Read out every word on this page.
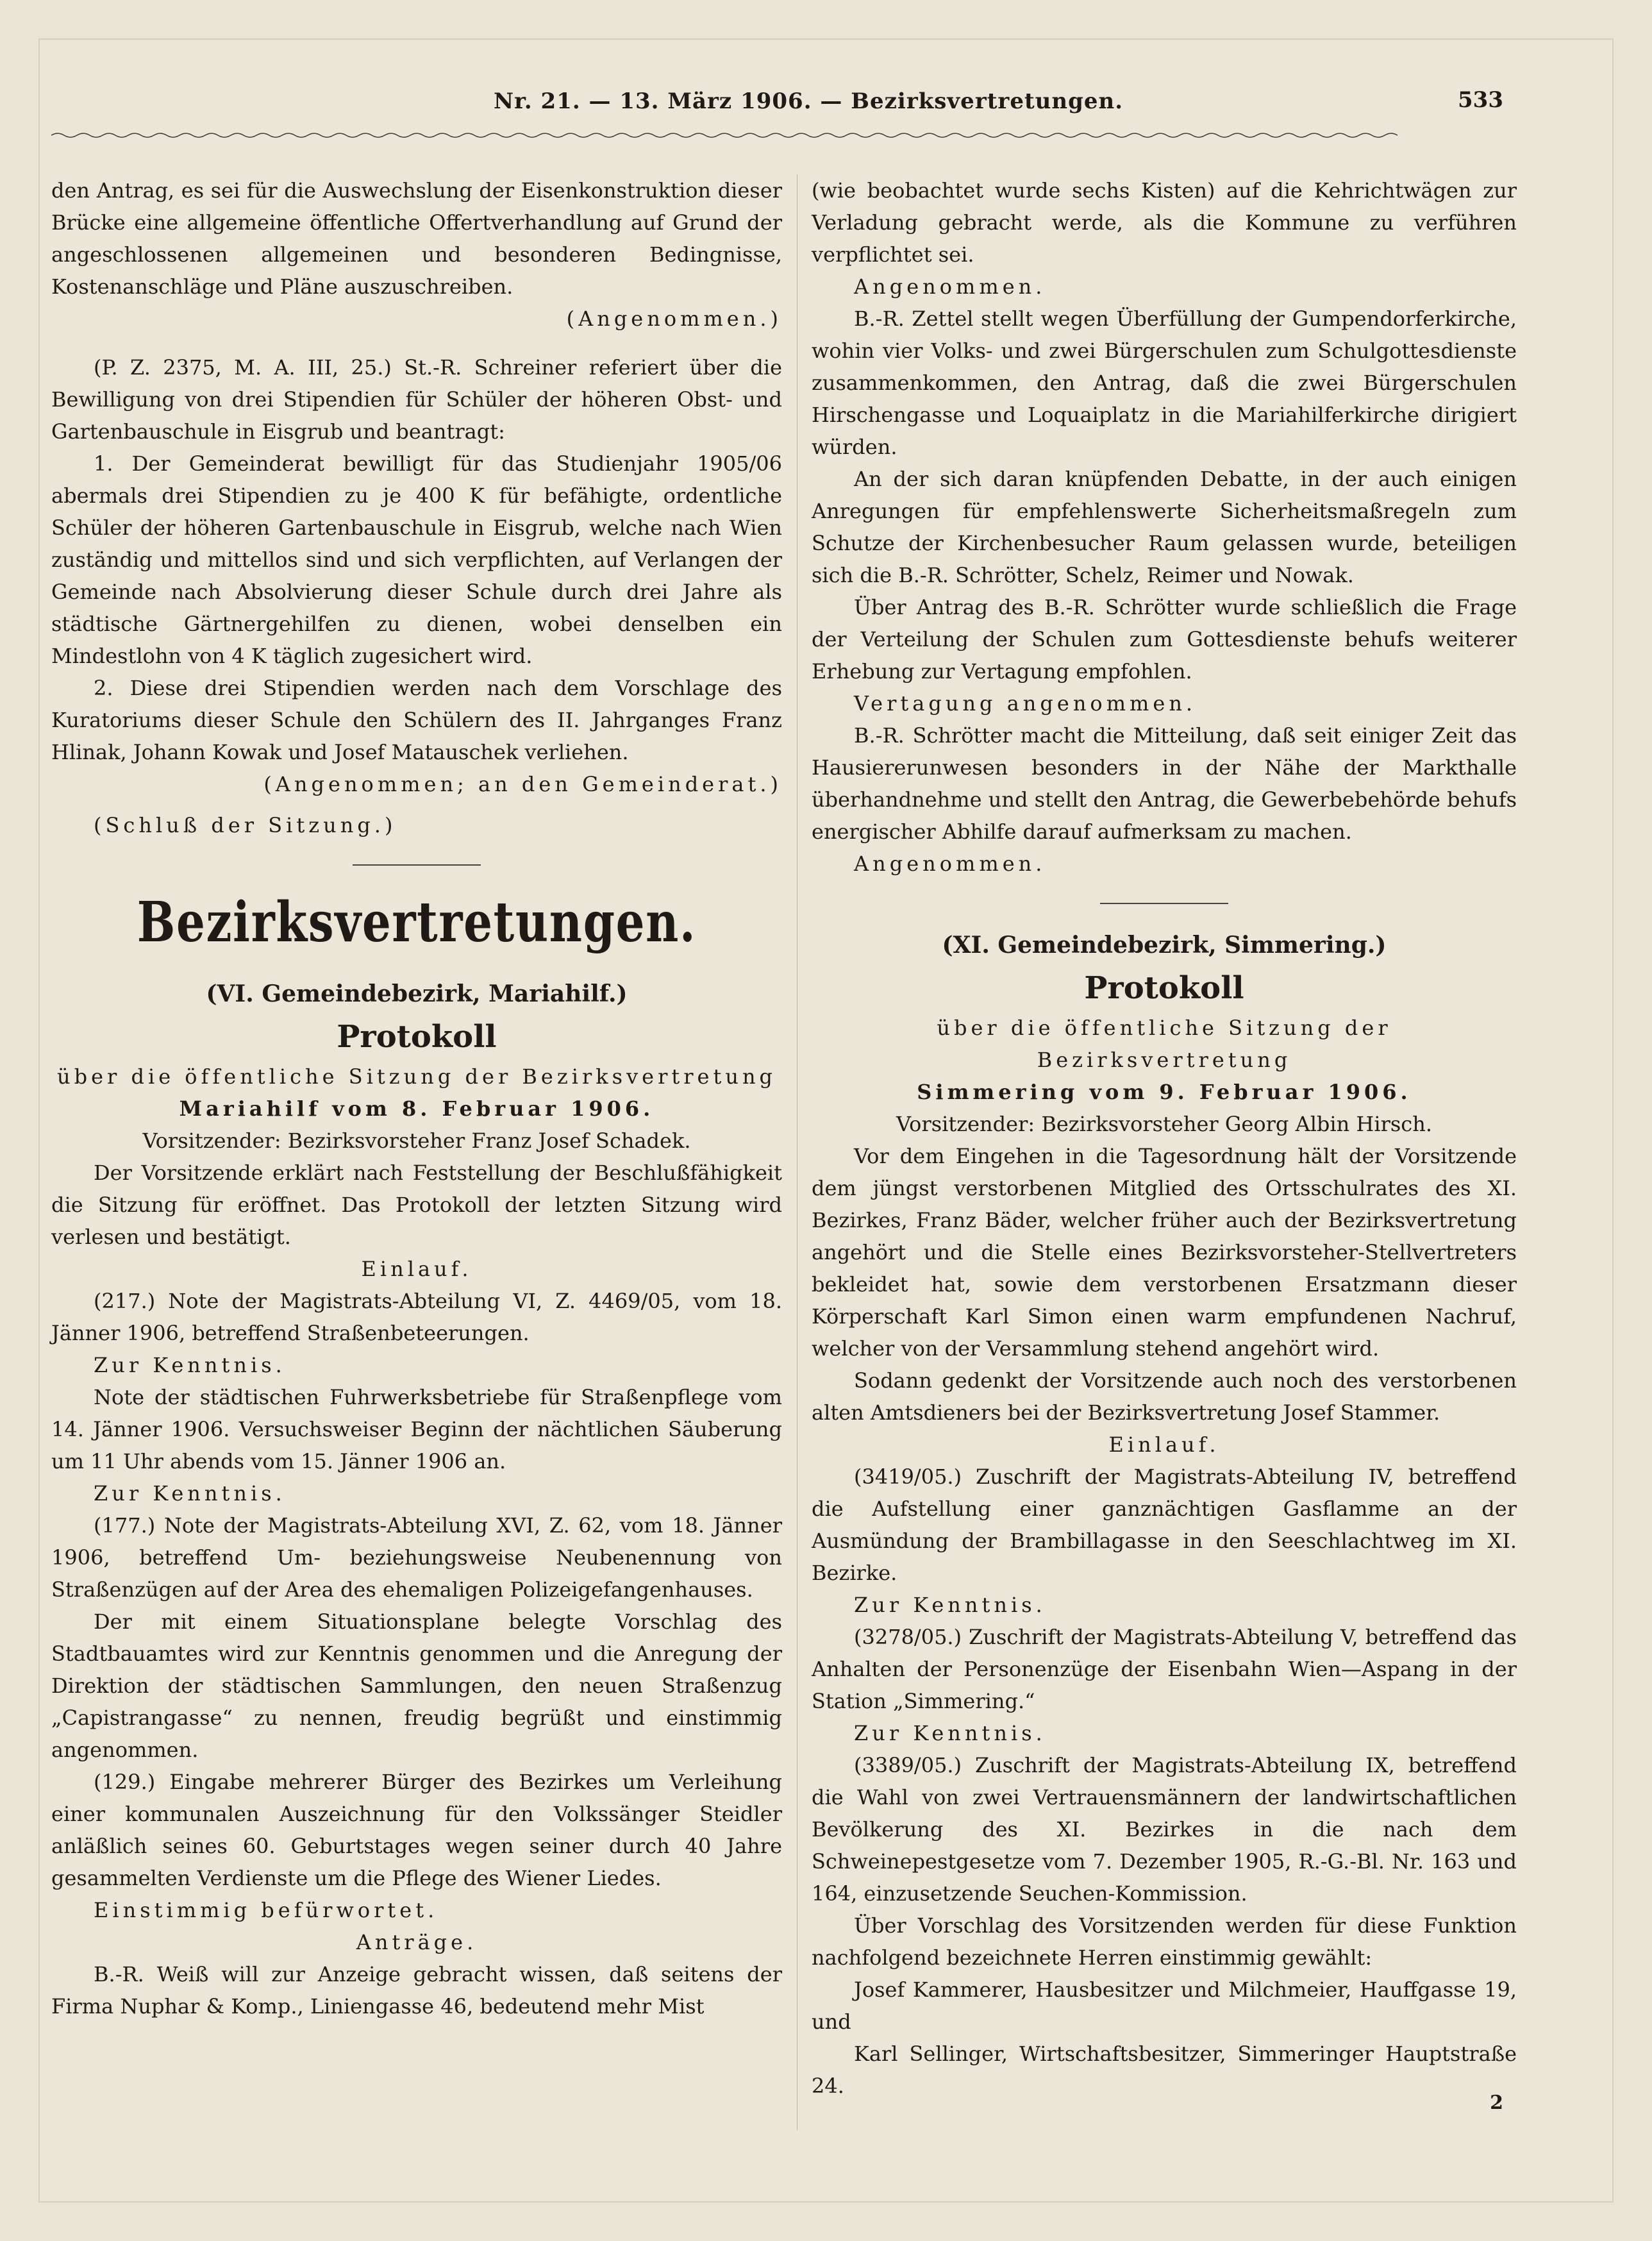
Nr. 21. — 13. März 1906. — Bezirksvertretungen.	533

den Antrag, es sei für die Auswechslung der Eisenkonstruktion dieser Brücke eine allgemeine öffentliche Offertverhandlung auf Grund der angeschlossenen allgemeinen und besonderen Bedingnisse, Kostenanschläge und Pläne auszuschreiben.

(Angenommen.)

(P. Z. 2375, M. A. III, 25.) St.-R. Schreiner referiert über die Bewilligung von drei Stipendien für Schüler der höheren Obst- und Gartenbauschule in Eisgrub und beantragt:

1. Der Gemeinderat bewilligt für das Studienjahr 1905/06 abermals drei Stipendien zu je 400 K für befähigte, ordentliche Schüler der höheren Gartenbauschule in Eisgrub, welche nach Wien zuständig und mittellos sind und sich verpflichten, auf Verlangen der Gemeinde nach Absolvierung dieser Schule durch drei Jahre als städtische Gärtnergehilfen zu dienen, wobei denselben ein Mindestlohn von 4 K täglich zugesichert wird.

2. Diese drei Stipendien werden nach dem Vorschlage des Kuratoriums dieser Schule den Schülern des II. Jahrganges Franz Hlinak, Johann Kowak und Josef Matauschek verliehen.

(Angenommen; an den Gemeinderat.)

(Schluß der Sitzung.)

Bezirksvertretungen.
(VI. Gemeindebezirk, Mariahilf.)
Protokoll

über die öffentliche Sitzung der Bezirksvertretung

Mariahilf vom 8. Februar 1906.

Vorsitzender: Bezirksvorsteher Franz Josef Schadek.

Der Vorsitzende erklärt nach Feststellung der Beschlußfähigkeit die Sitzung für eröffnet. Das Protokoll der letzten Sitzung wird verlesen und bestätigt.

Einlauf.

(217.) Note der Magistrats-Abteilung VI, Z. 4469/05, vom 18. Jänner 1906, betreffend Straßenbeteerungen.

Zur Kenntnis.

Note der städtischen Fuhrwerksbetriebe für Straßenpflege vom 14. Jänner 1906. Versuchsweiser Beginn der nächtlichen Säuberung um 11 Uhr abends vom 15. Jänner 1906 an.

Zur Kenntnis.

(177.) Note der Magistrats-Abteilung XVI, Z. 62, vom 18. Jänner 1906, betreffend Um- beziehungsweise Neubenennung von Straßenzügen auf der Area des ehemaligen Polizeigefangenhauses.

Der mit einem Situationsplane belegte Vorschlag des Stadtbauamtes wird zur Kenntnis genommen und die Anregung der Direktion der städtischen Sammlungen, den neuen Straßenzug „Capistrangasse“ zu nennen, freudig begrüßt und einstimmig angenommen.

(129.) Eingabe mehrerer Bürger des Bezirkes um Verleihung einer kommunalen Auszeichnung für den Volkssänger Steidler anläßlich seines 60. Geburtstages wegen seiner durch 40 Jahre gesammelten Verdienste um die Pflege des Wiener Liedes.

Einstimmig befürwortet.

Anträge.

B.-R. Weiß will zur Anzeige gebracht wissen, daß seitens der Firma Nuphar & Komp., Liniengasse 46, bedeutend mehr Mist

(wie beobachtet wurde sechs Kisten) auf die Kehrichtwägen zur Verladung gebracht werde, als die Kommune zu verführen verpflichtet sei.

Angenommen.

B.-R. Zettel stellt wegen Überfüllung der Gumpendorferkirche, wohin vier Volks- und zwei Bürgerschulen zum Schulgottesdienste zusammenkommen, den Antrag, daß die zwei Bürgerschulen Hirschengasse und Loquaiplatz in die Mariahilferkirche dirigiert würden.

An der sich daran knüpfenden Debatte, in der auch einigen Anregungen für empfehlenswerte Sicherheitsmaßregeln zum Schutze der Kirchenbesucher Raum gelassen wurde, beteiligen sich die B.-R. Schrötter, Schelz, Reimer und Nowak.

Über Antrag des B.-R. Schrötter wurde schließlich die Frage der Verteilung der Schulen zum Gottesdienste behufs weiterer Erhebung zur Vertagung empfohlen.

Vertagung angenommen.

B.-R. Schrötter macht die Mitteilung, daß seit einiger Zeit das Hausiererunwesen besonders in der Nähe der Markthalle überhandnehme und stellt den Antrag, die Gewerbebehörde behufs energischer Abhilfe darauf aufmerksam zu machen.

Angenommen.

(XI. Gemeindebezirk, Simmering.)
Protokoll

über die öffentliche Sitzung der Bezirksvertretung

Simmering vom 9. Februar 1906.

Vorsitzender: Bezirksvorsteher Georg Albin Hirsch.

Vor dem Eingehen in die Tagesordnung hält der Vorsitzende dem jüngst verstorbenen Mitglied des Ortsschulrates des XI. Bezirkes, Franz Bäder, welcher früher auch der Bezirksvertretung angehört und die Stelle eines Bezirksvorsteher-Stellvertreters bekleidet hat, sowie dem verstorbenen Ersatzmann dieser Körperschaft Karl Simon einen warm empfundenen Nachruf, welcher von der Versammlung stehend angehört wird.

Sodann gedenkt der Vorsitzende auch noch des verstorbenen alten Amtsdieners bei der Bezirksvertretung Josef Stammer.

Einlauf.

(3419/05.) Zuschrift der Magistrats-Abteilung IV, betreffend die Aufstellung einer ganznächtigen Gasflamme an der Ausmündung der Brambillagasse in den Seeschlachtweg im XI. Bezirke.

Zur Kenntnis.

(3278/05.) Zuschrift der Magistrats-Abteilung V, betreffend das Anhalten der Personenzüge der Eisenbahn Wien—Aspang in der Station „Simmering.“

Zur Kenntnis.

(3389/05.) Zuschrift der Magistrats-Abteilung IX, betreffend die Wahl von zwei Vertrauensmännern der landwirtschaftlichen Bevölkerung des XI. Bezirkes in die nach dem Schweinepestgesetze vom 7. Dezember 1905, R.-G.-Bl. Nr. 163 und 164, einzusetzende Seuchen-Kommission.

Über Vorschlag des Vorsitzenden werden für diese Funktion nachfolgend bezeichnete Herren einstimmig gewählt:

Josef Kammerer, Hausbesitzer und Milchmeier, Hauffgasse 19, und

Karl Sellinger, Wirtschaftsbesitzer, Simmeringer Hauptstraße 24.

2
